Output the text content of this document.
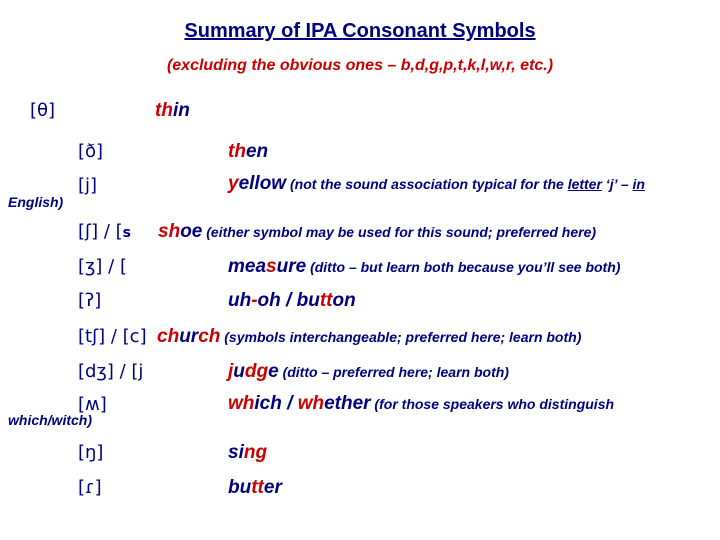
Summary of IPA Consonant Symbols
(excluding the obvious ones – b,d,g,p,t,k,l,w,r, etc.)
[θ]	thin
[ð]	then
[j]	yellow (not the sound association typical for the letter ‘j’ – in
English)
[ʃ] / [s shoe (either symbol may be used for this sound; preferred here)
[ʒ] / [	measure (ditto – but learn both because you’ll see both)
[ʔ]	uh-oh / button
[tʃ] / [c] church (symbols interchangeable; preferred here; learn both)
[dʒ] / [j	judge (ditto – preferred here; learn both)
[ʍ]	which / whether (for those speakers who distinguish
which/witch)
[ŋ]	sing
[ɾ]	butter
